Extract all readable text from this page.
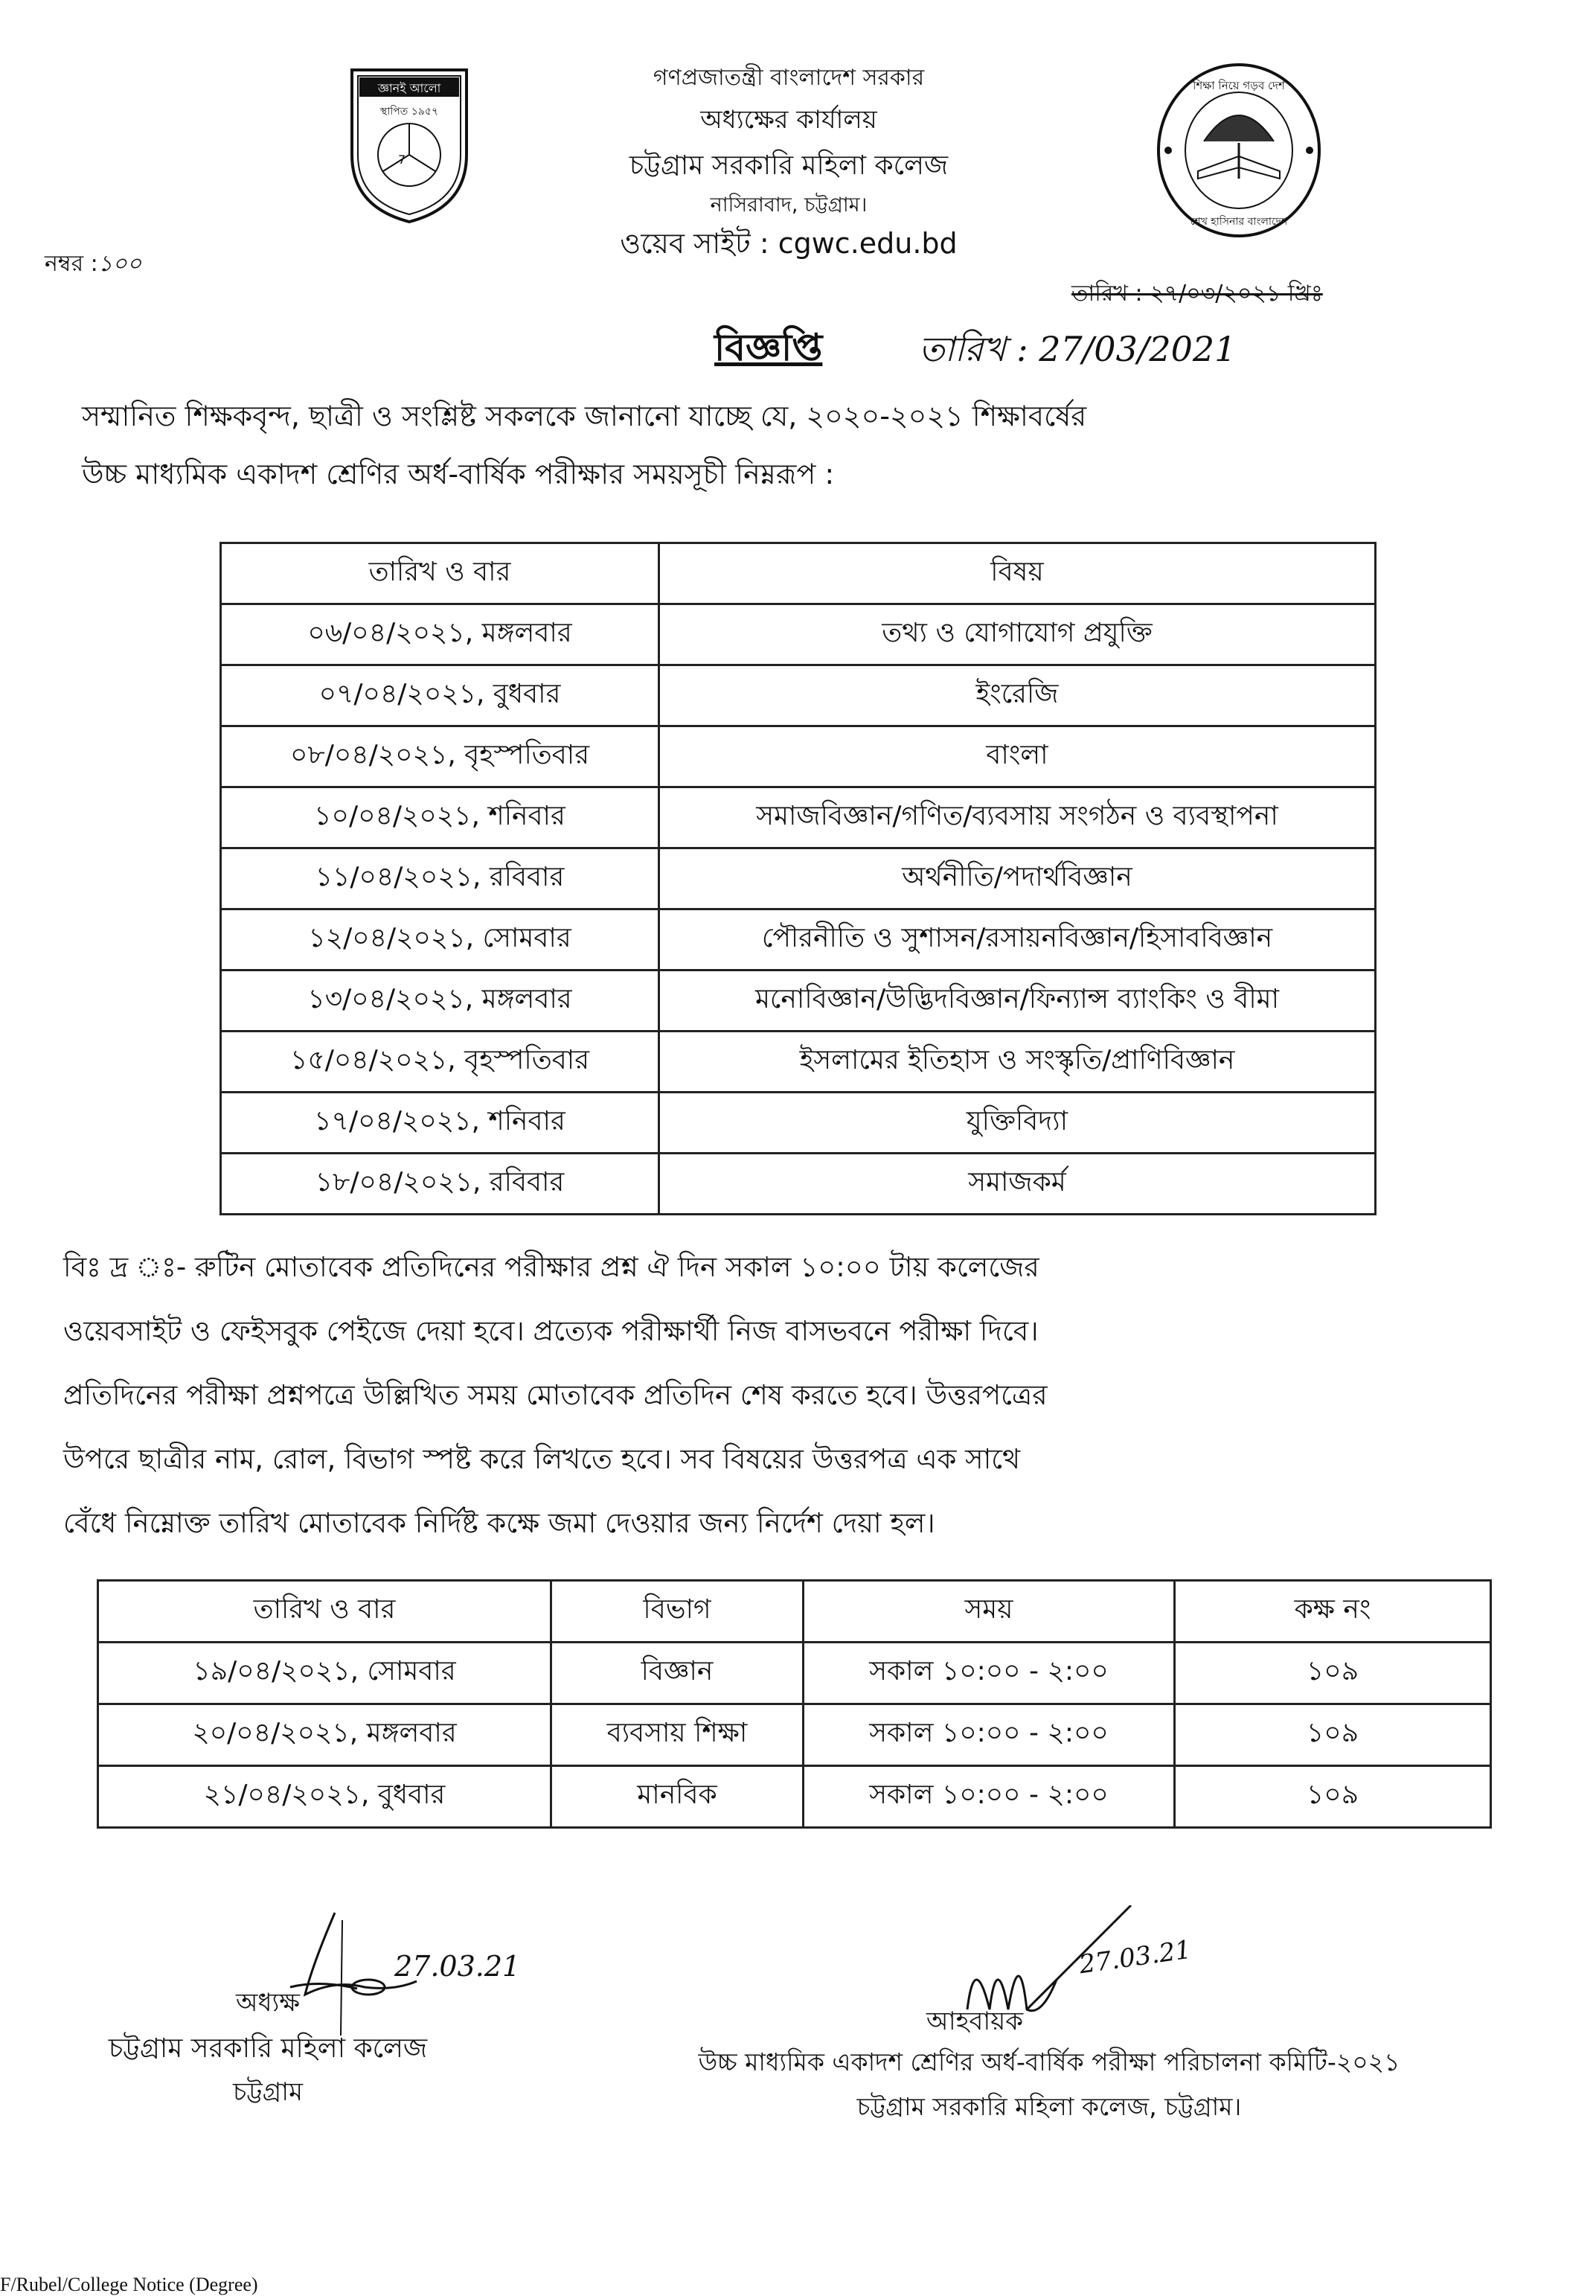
জ্ঞানই আলো
স্থাপিত ১৯৫৭
7
শিক্ষা নিয়ে গড়ব দেশ
শেখ হাসিনার বাংলাদেশ
গণপ্রজাতন্ত্রী বাংলাদেশ সরকার
অধ্যক্ষের কার্যালয়
চট্টগ্রাম সরকারি মহিলা কলেজ
নাসিরাবাদ, চট্টগ্রাম।
ওয়েব সাইট : cgwc.edu.bd
নম্বর :১০০
তারিখ : ২৭/০৩/২০২১ খ্রিঃ
তারিখ : 27/03/2021
বিজ্ঞপ্তি
সম্মানিত শিক্ষকবৃন্দ, ছাত্রী ও সংশ্লিষ্ট সকলকে জানানো যাচ্ছে যে, ২০২০-২০২১ শিক্ষাবর্ষের
উচ্চ মাধ্যমিক একাদশ শ্রেণির অর্ধ-বার্ষিক পরীক্ষার সময়সূচী নিম্নরূপ :
তারিখ ও বার	বিষয়
০৬/০৪/২০২১, মঙ্গলবার	তথ্য ও যোগাযোগ প্রযুক্তি
০৭/০৪/২০২১, বুধবার	ইংরেজি
০৮/০৪/২০২১, বৃহস্পতিবার	বাংলা
১০/০৪/২০২১, শনিবার	সমাজবিজ্ঞান/গণিত/ব্যবসায় সংগঠন ও ব্যবস্থাপনা
১১/০৪/২০২১, রবিবার	অর্থনীতি/পদার্থবিজ্ঞান
১২/০৪/২০২১, সোমবার	পৌরনীতি ও সুশাসন/রসায়নবিজ্ঞান/হিসাববিজ্ঞান
১৩/০৪/২০২১, মঙ্গলবার	মনোবিজ্ঞান/উদ্ভিদবিজ্ঞান/ফিন্যান্স ব্যাংকিং ও বীমা
১৫/০৪/২০২১, বৃহস্পতিবার	ইসলামের ইতিহাস ও সংস্কৃতি/প্রাণিবিজ্ঞান
১৭/০৪/২০২১, শনিবার	যুক্তিবিদ্যা
১৮/০৪/২০২১, রবিবার	সমাজকর্ম
বিঃ দ্র ঃ- রুটিন মোতাবেক প্রতিদিনের পরীক্ষার প্রশ্ন ঐ দিন সকাল ১০:০০ টায় কলেজের
ওয়েবসাইট ও ফেইসবুক পেইজে দেয়া হবে। প্রত্যেক পরীক্ষার্থী নিজ বাসভবনে পরীক্ষা দিবে।
প্রতিদিনের পরীক্ষা প্রশ্নপত্রে উল্লিখিত সময় মোতাবেক প্রতিদিন শেষ করতে হবে। উত্তরপত্রের
উপরে ছাত্রীর নাম, রোল, বিভাগ স্পষ্ট করে লিখতে হবে। সব বিষয়ের উত্তরপত্র এক সাথে
বেঁধে নিম্নোক্ত তারিখ মোতাবেক নির্দিষ্ট কক্ষে জমা দেওয়ার জন্য নির্দেশ দেয়া হল।
তারিখ ও বার	বিভাগ	সময়	কক্ষ নং
১৯/০৪/২০২১, সোমবার	বিজ্ঞান	সকাল ১০:০০ - ২:০০	১০৯
২০/০৪/২০২১, মঙ্গলবার	ব্যবসায় শিক্ষা	সকাল ১০:০০ - ২:০০	১০৯
২১/০৪/২০২১, বুধবার	মানবিক	সকাল ১০:০০ - ২:০০	১০৯
27.03.21
অধ্যক্ষ
চট্টগ্রাম সরকারি মহিলা কলেজ
চট্টগ্রাম
27.03.21
আহবায়ক
উচ্চ মাধ্যমিক একাদশ শ্রেণির অর্ধ-বার্ষিক পরীক্ষা পরিচালনা কমিটি-২০২১
চট্টগ্রাম সরকারি মহিলা কলেজ, চট্টগ্রাম।
F/Rubel/College Notice (Degree)
